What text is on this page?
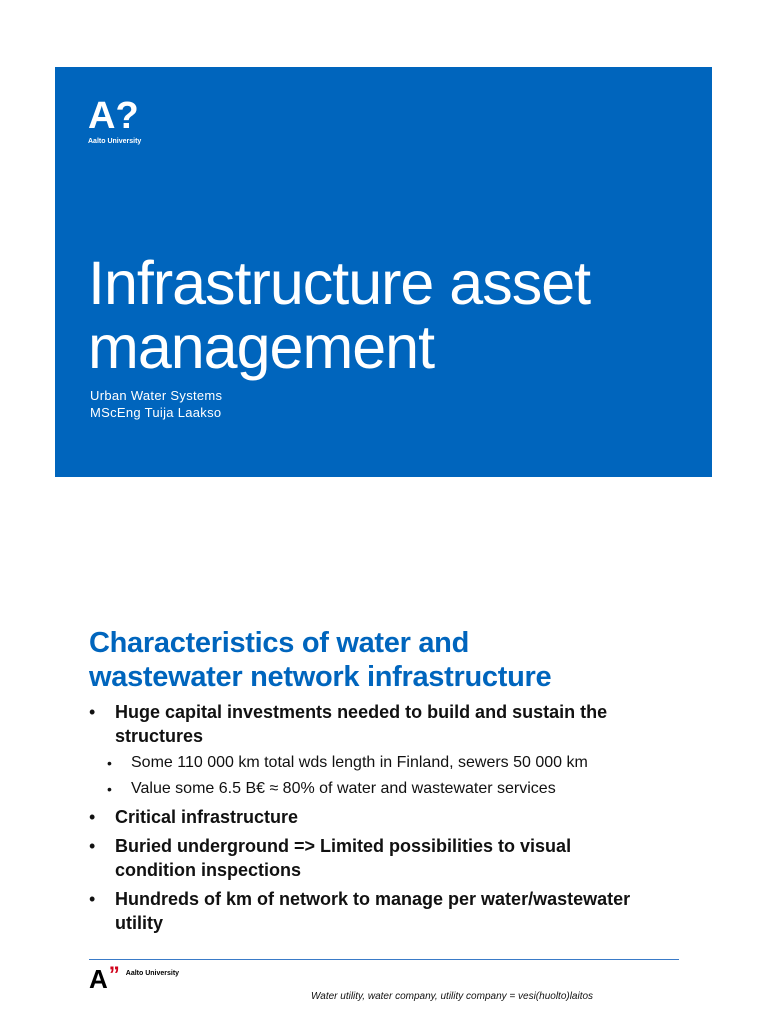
A?
Aalto University
Infrastructure asset
management
Urban Water Systems
MScEng Tuija Laakso
Characteristics of water and
wastewater network infrastructure
• Huge capital investments needed to build and sustain the structures
• Some 110 000 km total wds length in Finland, sewers 50 000 km
• Value some 6.5 B€ ≈ 80% of water and wastewater services
• Critical infrastructure
• Buried underground => Limited possibilities to visual condition inspections
• Hundreds of km of network to manage per water/wastewater utility
A ” Aalto University
Water utility, water company, utility company = vesi(huolto)laitos
